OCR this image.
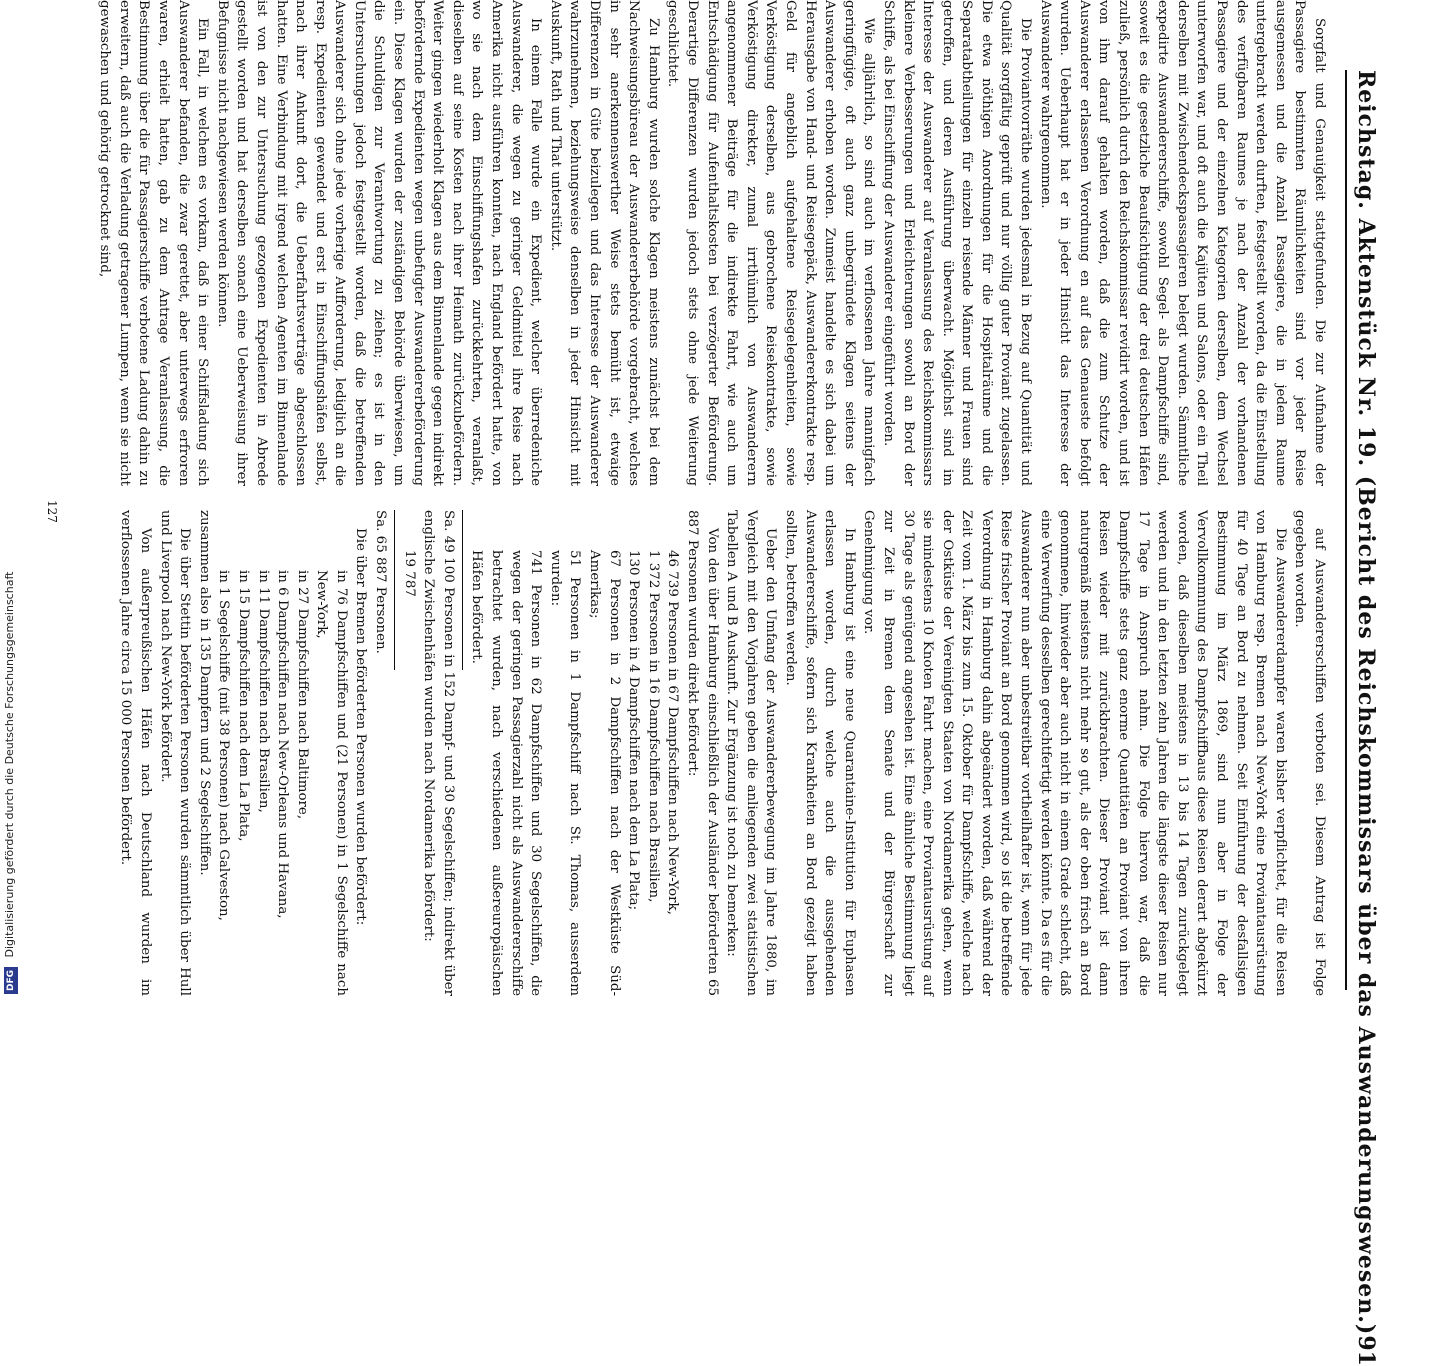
DFG Digitalisierung gefördert durch die Deutsche Forschungsgemeinschaft	Reichstag. Aktenstück Nr. 19. (Bericht des Reichskommissars über das Auswanderungswesen.)
91

Sorgfalt und Genauigkeit stattgefunden. Die zur Aufnahme der Passagiere bestimmten Räumlichkeiten sind vor jeder Reise ausgemessen und die Anzahl Passagiere, die in jedem Raume untergebracht werden durften, festgestellt worden, da die Einstellung des verfügbaren Raumes je nach der Anzahl der vorhandenen Passagiere und der einzelnen Kategorien derselben, dem Wechsel unterworfen war, und oft auch die Kajüten und Salons, oder ein Theil derselben mit Zwischendeckspassagieren belegt wurden. Sämmtliche expedirte Auswandererschiffe, sowohl Segel- als Dampfschiffe sind, soweit es die gesetzliche Beaufsichtigung der drei deutschen Häfen zuließ, persönlich durch den Reichskommissar revidirt worden, und ist von ihm darauf gehalten worden, daß die zum Schutze der Auswanderer erlassenen Verordnung en auf das Genaueste befolgt wurden. Ueberhaupt hat er in jeder Hinsicht das Interesse der Auswanderer wahrgenommen.

Die Proviantvorräthe wurden jedesmal in Bezug auf Quantität und Qualität sorgfältig geprüft und nur völlig guter Proviant zugelassen. Die etwa nöthigen Anordnungen für die Hospitalräume und die Separatabtheilungen für einzeln reisende Männer und Frauen sind getroffen, und deren Ausführung überwacht. Möglichst sind im Interesse der Auswanderer auf Veranlassung des Reichskommissars kleinere Verbesserungen und Erleichterungen sowohl an Bord der Schiffe, als bei Einschiffung der Auswanderer eingeführt worden.

Wie alljährlich, so sind auch im verflossenen Jahre mannigfach geringfügige, oft auch ganz unbegründete Klagen seitens der Auswanderer erhoben worden. Zumeist handelte es sich dabei um Herausgabe von Hand- und Reisegepäck, Auswandererkontrakte resp. Geld für angeblich aufgehaltene Reisegelegenheiten, sowie Verköstigung derselben, aus gebrochene Reisekontrakte, sowie Verköstigung direkter, zumal irrthümlich von Auswanderern angenommener Beiträge für die indirekte Fahrt, wie auch um Entschädigung für Aufenthaltskosten bei verzögerter Beförderung. Derartige Differenzen wurden jedoch stets ohne jede Weiterung geschlichtet.

Zu Hamburg wurden solche Klagen meistens zunächst bei dem Nachweisungsbüreau der Auswandererbehörde vorgebracht, welches in sehr anerkennenswerther Weise stets bemüht ist, etwaige Differenzen in Güte beizulegen und das Interesse der Auswanderer wahrzunehmen, beziehungsweise denselben in jeder Hinsicht mit Auskunft, Rath und That unterstützt.

In einem Falle wurde ein Expedient, welcher überredeniche Auswanderer, die wegen zu geringer Geldmittel ihre Reise nach Amerika nicht ausführen konnten, nach England befördert hatte, von wo sie nach dem Einschiffungshafen zurückkehrten, veranlaßt, dieselben auf seine Kosten nach ihrer Heimath zurückzubefördern. Weiter gingen wiederholt Klagen aus dem Binnenlande gegen indirekt befördernde Expedienten wegen unbefugter Auswandererbeförderung ein. Diese Klagen wurden der zuständigen Behörde überwiesen, um die Schuldigen zur Verantwortung zu ziehen; es ist in den Untersuchungen jedoch festgestellt worden, daß die betreffenden Auswanderer sich ohne jede vorherige Aufforderung, lediglich an die resp. Expedienten gewendet und erst in Einschiffungshäfen selbst, nach ihrer Ankunft dort, die Ueberfahrtsverträge abgeschlossen hatten. Eine Verbindung mit irgend welchen Agenten im Binnenlande ist von den zur Untersuchung gezogenen Expedienten in Abrede gestellt worden und hat derselben sonach eine Ueberweisung ihrer Befugnisse nicht nachgewiesen werden können.

Ein Fall, in welchem es vorkam, daß in einer Schiffsladung sich Auswanderer befanden, die zwar gerettet, aber unterwegs erfroren waren, erhielt hatten, gab zu dem Antrage Veranlassung, die Bestimmung über die für Passagierschiffe verbotene Ladung dahin zu erweitern, daß auch die Verladung getragener Lumpen, wenn sie nicht gewaschen und gehörig getrocknet sind,

auf Auswandererschiffen verboten sei. Diesem Antrag ist Folge gegeben worden.

Die Auswandererdampfer waren bisher verpflichtet, für die Reisen von Hamburg resp. Bremen nach New-York eine Proviantausrüstung für 40 Tage an Bord zu nehmen. Seit Einführung der desfallsigen Bestimmung im März 1869, sind nun aber in Folge der Vervollkommnung des Dampfschiffbaus diese Reisen derart abgekürzt worden, daß dieselben meistens in 13 bis 14 Tagen zurückgelegt werden und in den letzten zehn Jahren die längste dieser Reisen nur 17 Tage in Anspruch nahm. Die Folge hiervon war, daß die Dampfschiffe stets ganz enorme Quantitäten an Proviant von ihren Reisen wieder mit zurückbrachten. Dieser Proviant ist dann naturgemäß meistens nicht mehr so gut, als der oben frisch an Bord genommene, hinwieder aber auch nicht in einem Grade schlecht, daß eine Verwerfung desselben gerechtfertigt werden könnte. Da es für die Auswanderer nun aber unbestreitbar vortheilhafter ist, wenn für jede Reise frischer Proviant an Bord genommen wird, so ist die betreffende Verordnung in Hamburg dahin abgeändert worden, daß während der Zeit vom 1. März bis zum 15. Oktober für Dampfschiffe, welche nach der Ostküste der Vereinigten Staaten von Nordamerika gehen, wenn sie mindestens 10 Knoten Fahrt machen, eine Proviantausrüstung auf 30 Tage als genügend angesehen ist. Eine ähnliche Bestimmung liegt zur Zeit in Bremen dem Senate und der Bürgerschaft zur Genehmigung vor.

In Hamburg ist eine neue Quarantaine-Institution für Euphasen erlassen worden, durch welche auch die aussgehenden Auswandererschiffe, sofern sich Krankheiten an Bord gezeigt haben sollten, betroffen werden.

Ueber den Umfang der Auswandererbewegung im Jahre 1880, im Vergleich mit den Vorjahren geben die anliegenden zwei statistischen Tabellen A und B Auskunft. Zur Ergänzung ist noch zu bemerken:

Von den über Hamburg einschließlich der Ausländer beförderten 65 887 Personen wurden direkt befördert:

46 739 Personen in 67 Dampfschiffen nach New-York,
1 372 Personen in 16 Dampfschiffen nach Brasilien,
130 Personen in 4 Dampfschiffen nach dem La Plata;
67 Personen in 2 Dampfschiffen nach der Westküste Süd-Amerikas;
51 Personen in 1 Dampfschiff nach St. Thomas, ausserdem wurden:
741 Personen in 62 Dampfschiffen und 30 Segelschiffen, die wegen der geringen Passagierzahl nicht als Auswandererschiffe betrachtet wurden, nach verschiedenen außereuropäischen Häfen befördert.
Sa. 49 100 Personen in 152 Dampf- und 30 Segelschiffen; indirekt über englische Zwischenhäfen wurden nach Nordamerika befördert:
19 787
Sa. 65 887 Personen.

Die über Bremen beförderten Personen wurden befördert:

in 76 Dampfschiffen und (21 Personen) in 1 Segelschiffe nach New-York,
in 27 Dampfschiffen nach Baltimore,
in 6 Dampfschiffen nach New-Orleans und Havana,
in 11 Dampfschiffen nach Brasilien,
in 15 Dampfschiffen nach dem La Plata,
in 1 Segelschiffe (mit 38 Personen) nach Galveston,
zusammen also in 135 Dampfern und 2 Segelschiffen.

Die über Stettin beförderten Personen wurden sämmtlich über Hull und Liverpool nach New-York befördert.

Von außerpreußischen Häfen nach Deutschland wurden im verflossenen Jahre circa 15 000 Personen befördert.

127
